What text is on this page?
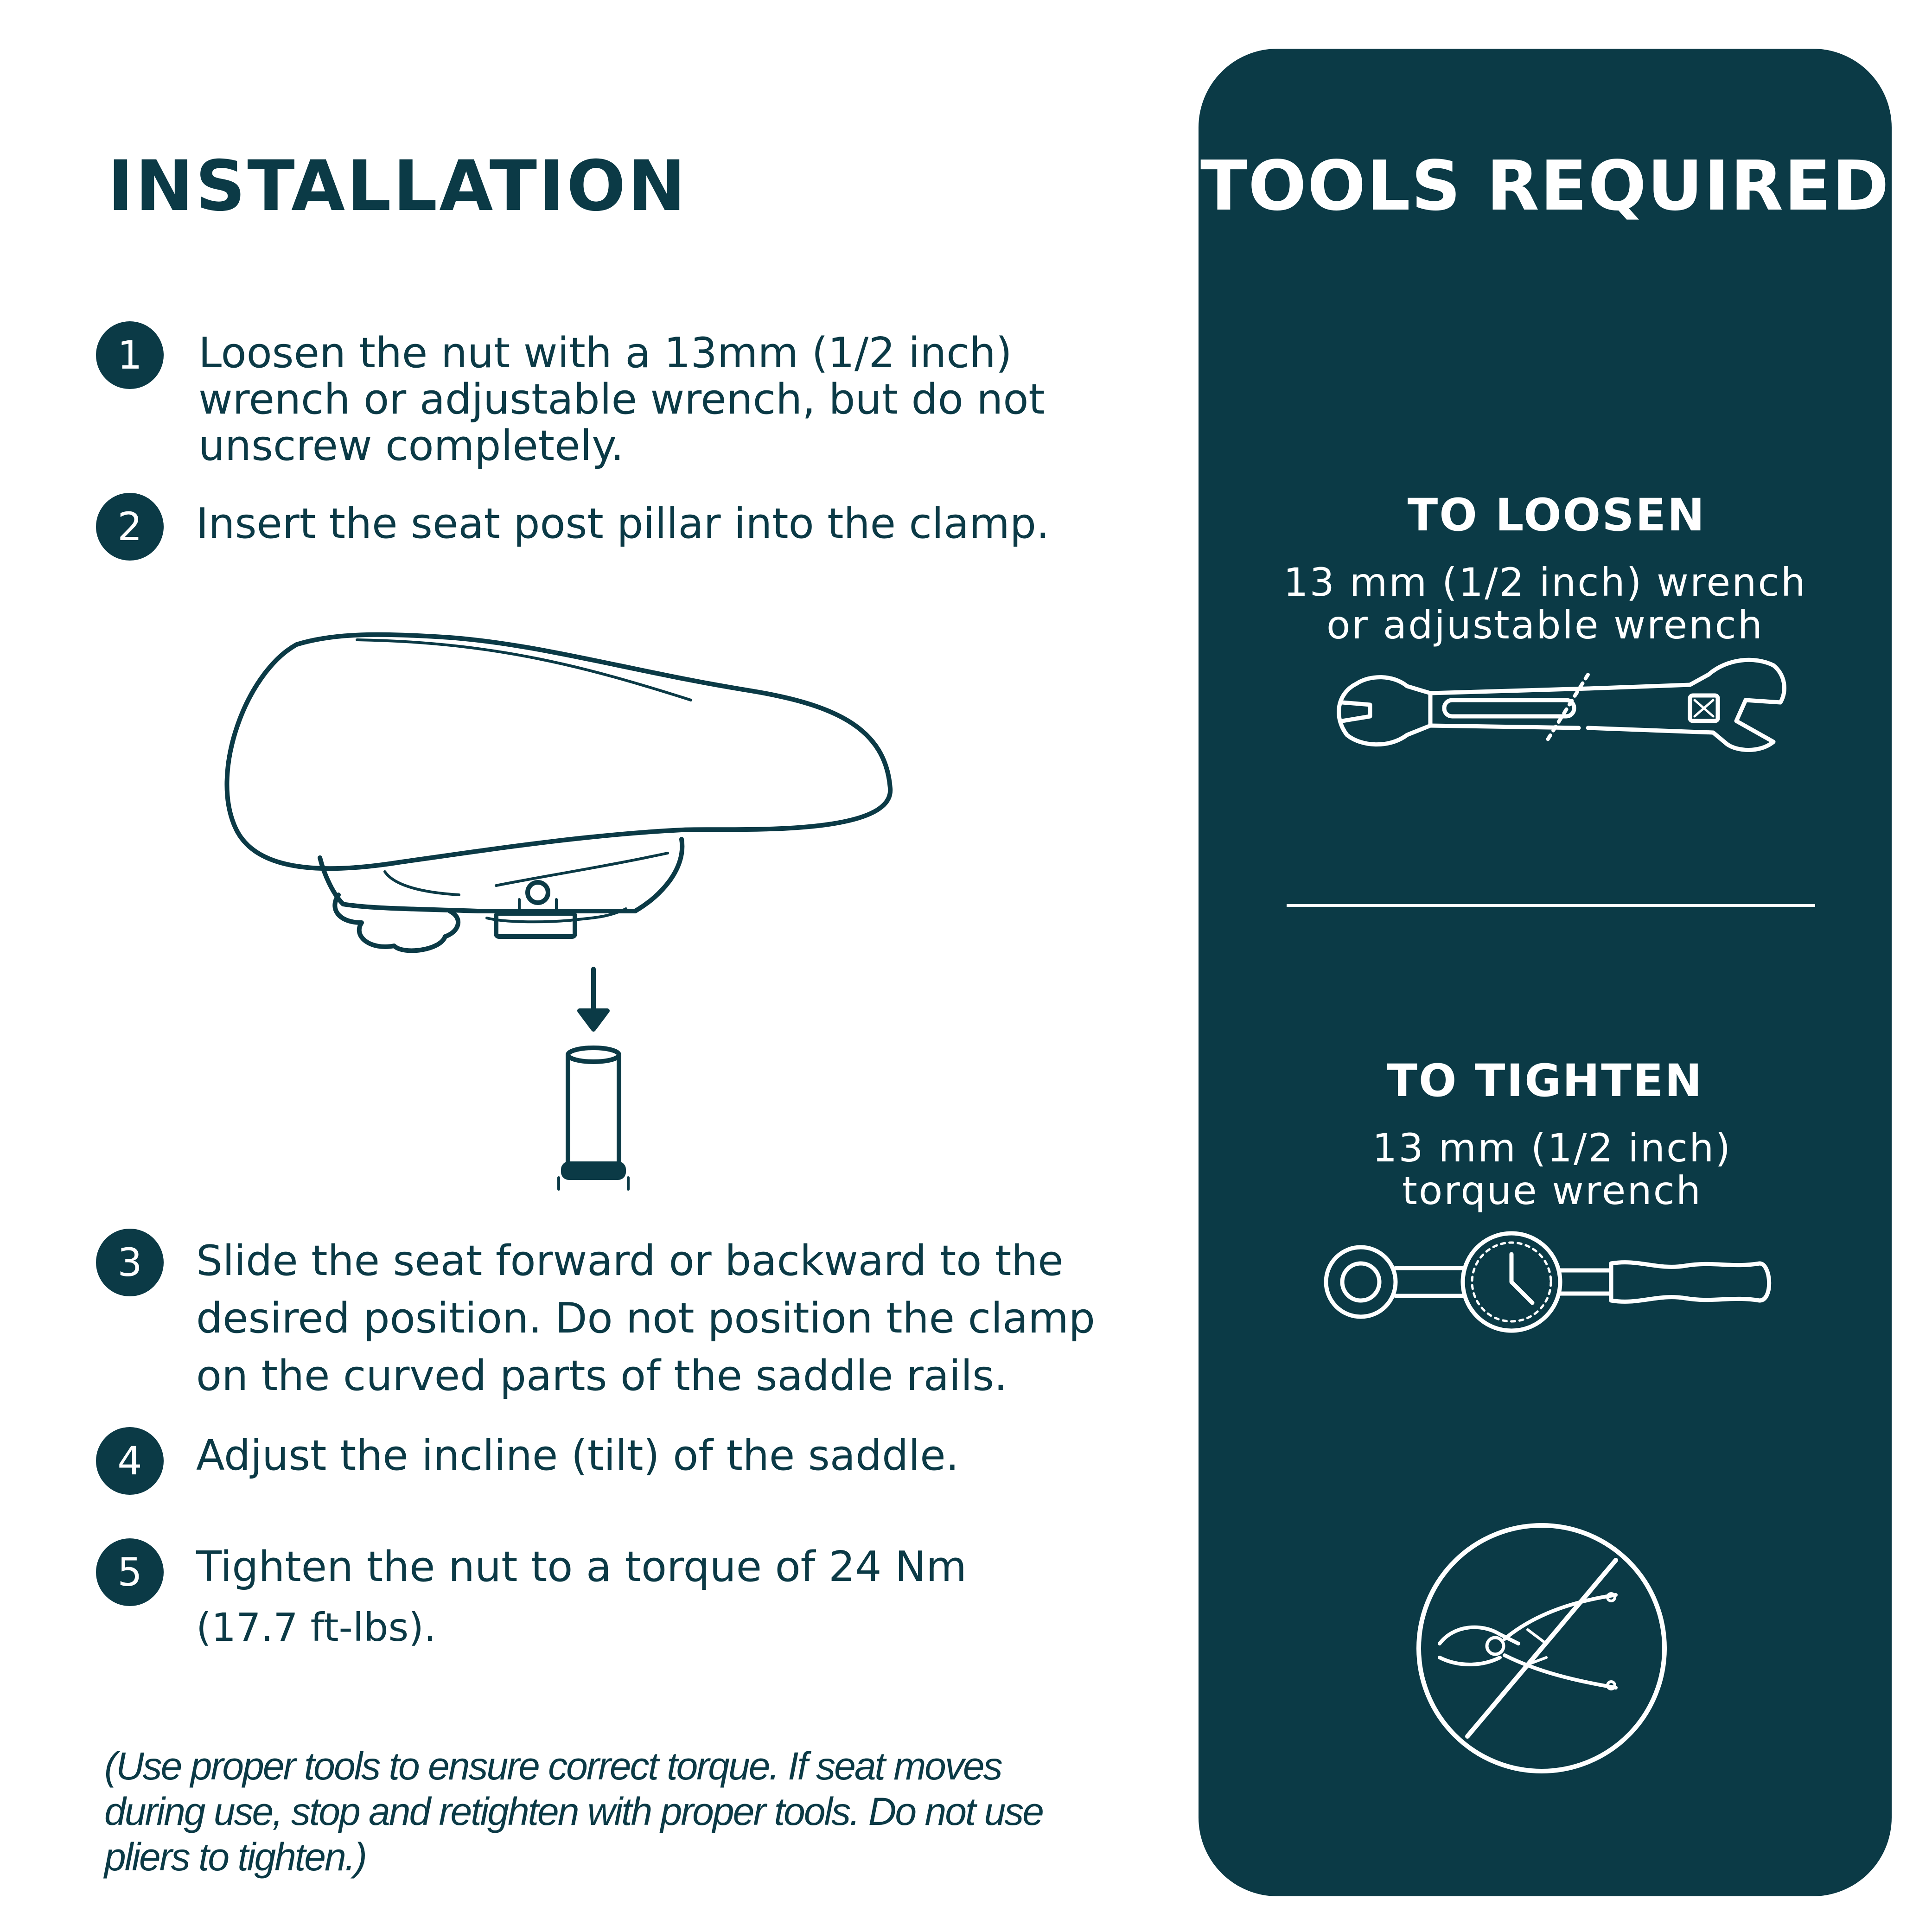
INSTALLATION
1 Loosen the nut with a 13mm (1/2 inch)
wrench or adjustable wrench, but do not
unscrew completely.
2 Insert the seat post pillar into the clamp.
3 Slide the seat forward or backward to the
desired position. Do not position the clamp
on the curved parts of the saddle rails.
4 Adjust the incline (tilt) of the saddle.
5 Tighten the nut to a torque of 24 Nm
(17.7 ft-lbs).
(Use proper tools to ensure correct torque. If seat moves
during use, stop and retighten with proper tools. Do not use
pliers to tighten.)
TOOLS REQUIRED
TO LOOSEN
13 mm (1/2 inch) wrench
or adjustable wrench
TO TIGHTEN
13 mm (1/2 inch)
torque wrench
